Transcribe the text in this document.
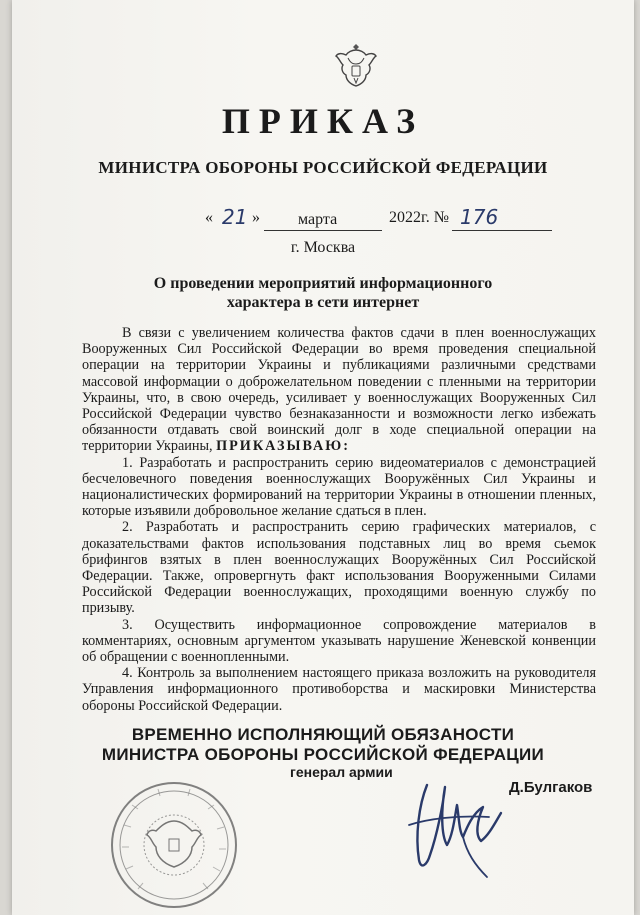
ПРИКАЗ
МИНИСТРА ОБОРОНЫ РОССИЙСКОЙ ФЕДЕРАЦИИ
« 21 » марта	2022г. № 176
г. Москва
О проведении мероприятий информационного
характера в сети интернет

В связи с увеличением количества фактов сдачи в плен военнослужащих Вооруженных Сил Российской Федерации во время проведения специальной операции на территории Украины и публикациями различными средствами массовой информации о доброжелательном поведении с пленными на территории Украины, что, в свою очередь, усиливает у военнослужащих Вооруженных Сил Российской Федерации чувство безнаказанности и возможности легко избежать обязанности отдавать свой воинский долг в ходе специальной операции на территории Украины, ПРИКАЗЫВАЮ:

1. Разработать и распространить серию видеоматериалов с демонстрацией бесчеловечного поведения военнослужащих Вооружённых Сил Украины и националистических формирований на территории Украины в отношении пленных, которые изъявили добровольное желание сдаться в плен.

2. Разработать и распространить серию графических материалов, с доказательствами фактов использования подставных лиц во время сьемок брифингов взятых в плен военнослужащих Вооружённых Сил Российской Федерации. Также, опровергнуть факт использования Вооруженными Силами Российской Федерации военнослужащих, проходящими военную службу по призыву.

3. Осуществить информационное сопровождение материалов в комментариях, основным аргументом указывать нарушение Женевской конвенции об обращении с военнопленными.

4. Контроль за выполнением настоящего приказа возложить на руководителя Управления информационного противоборства и маскировки Министерства обороны Российской Федерации.

ВРЕМЕННО ИСПОЛНЯЮЩИЙ ОБЯЗАНОСТИ
МИНИСТРА ОБОРОНЫ РОССИЙСКОЙ ФЕДЕРАЦИИ
генерал армии
Д.Булгаков
